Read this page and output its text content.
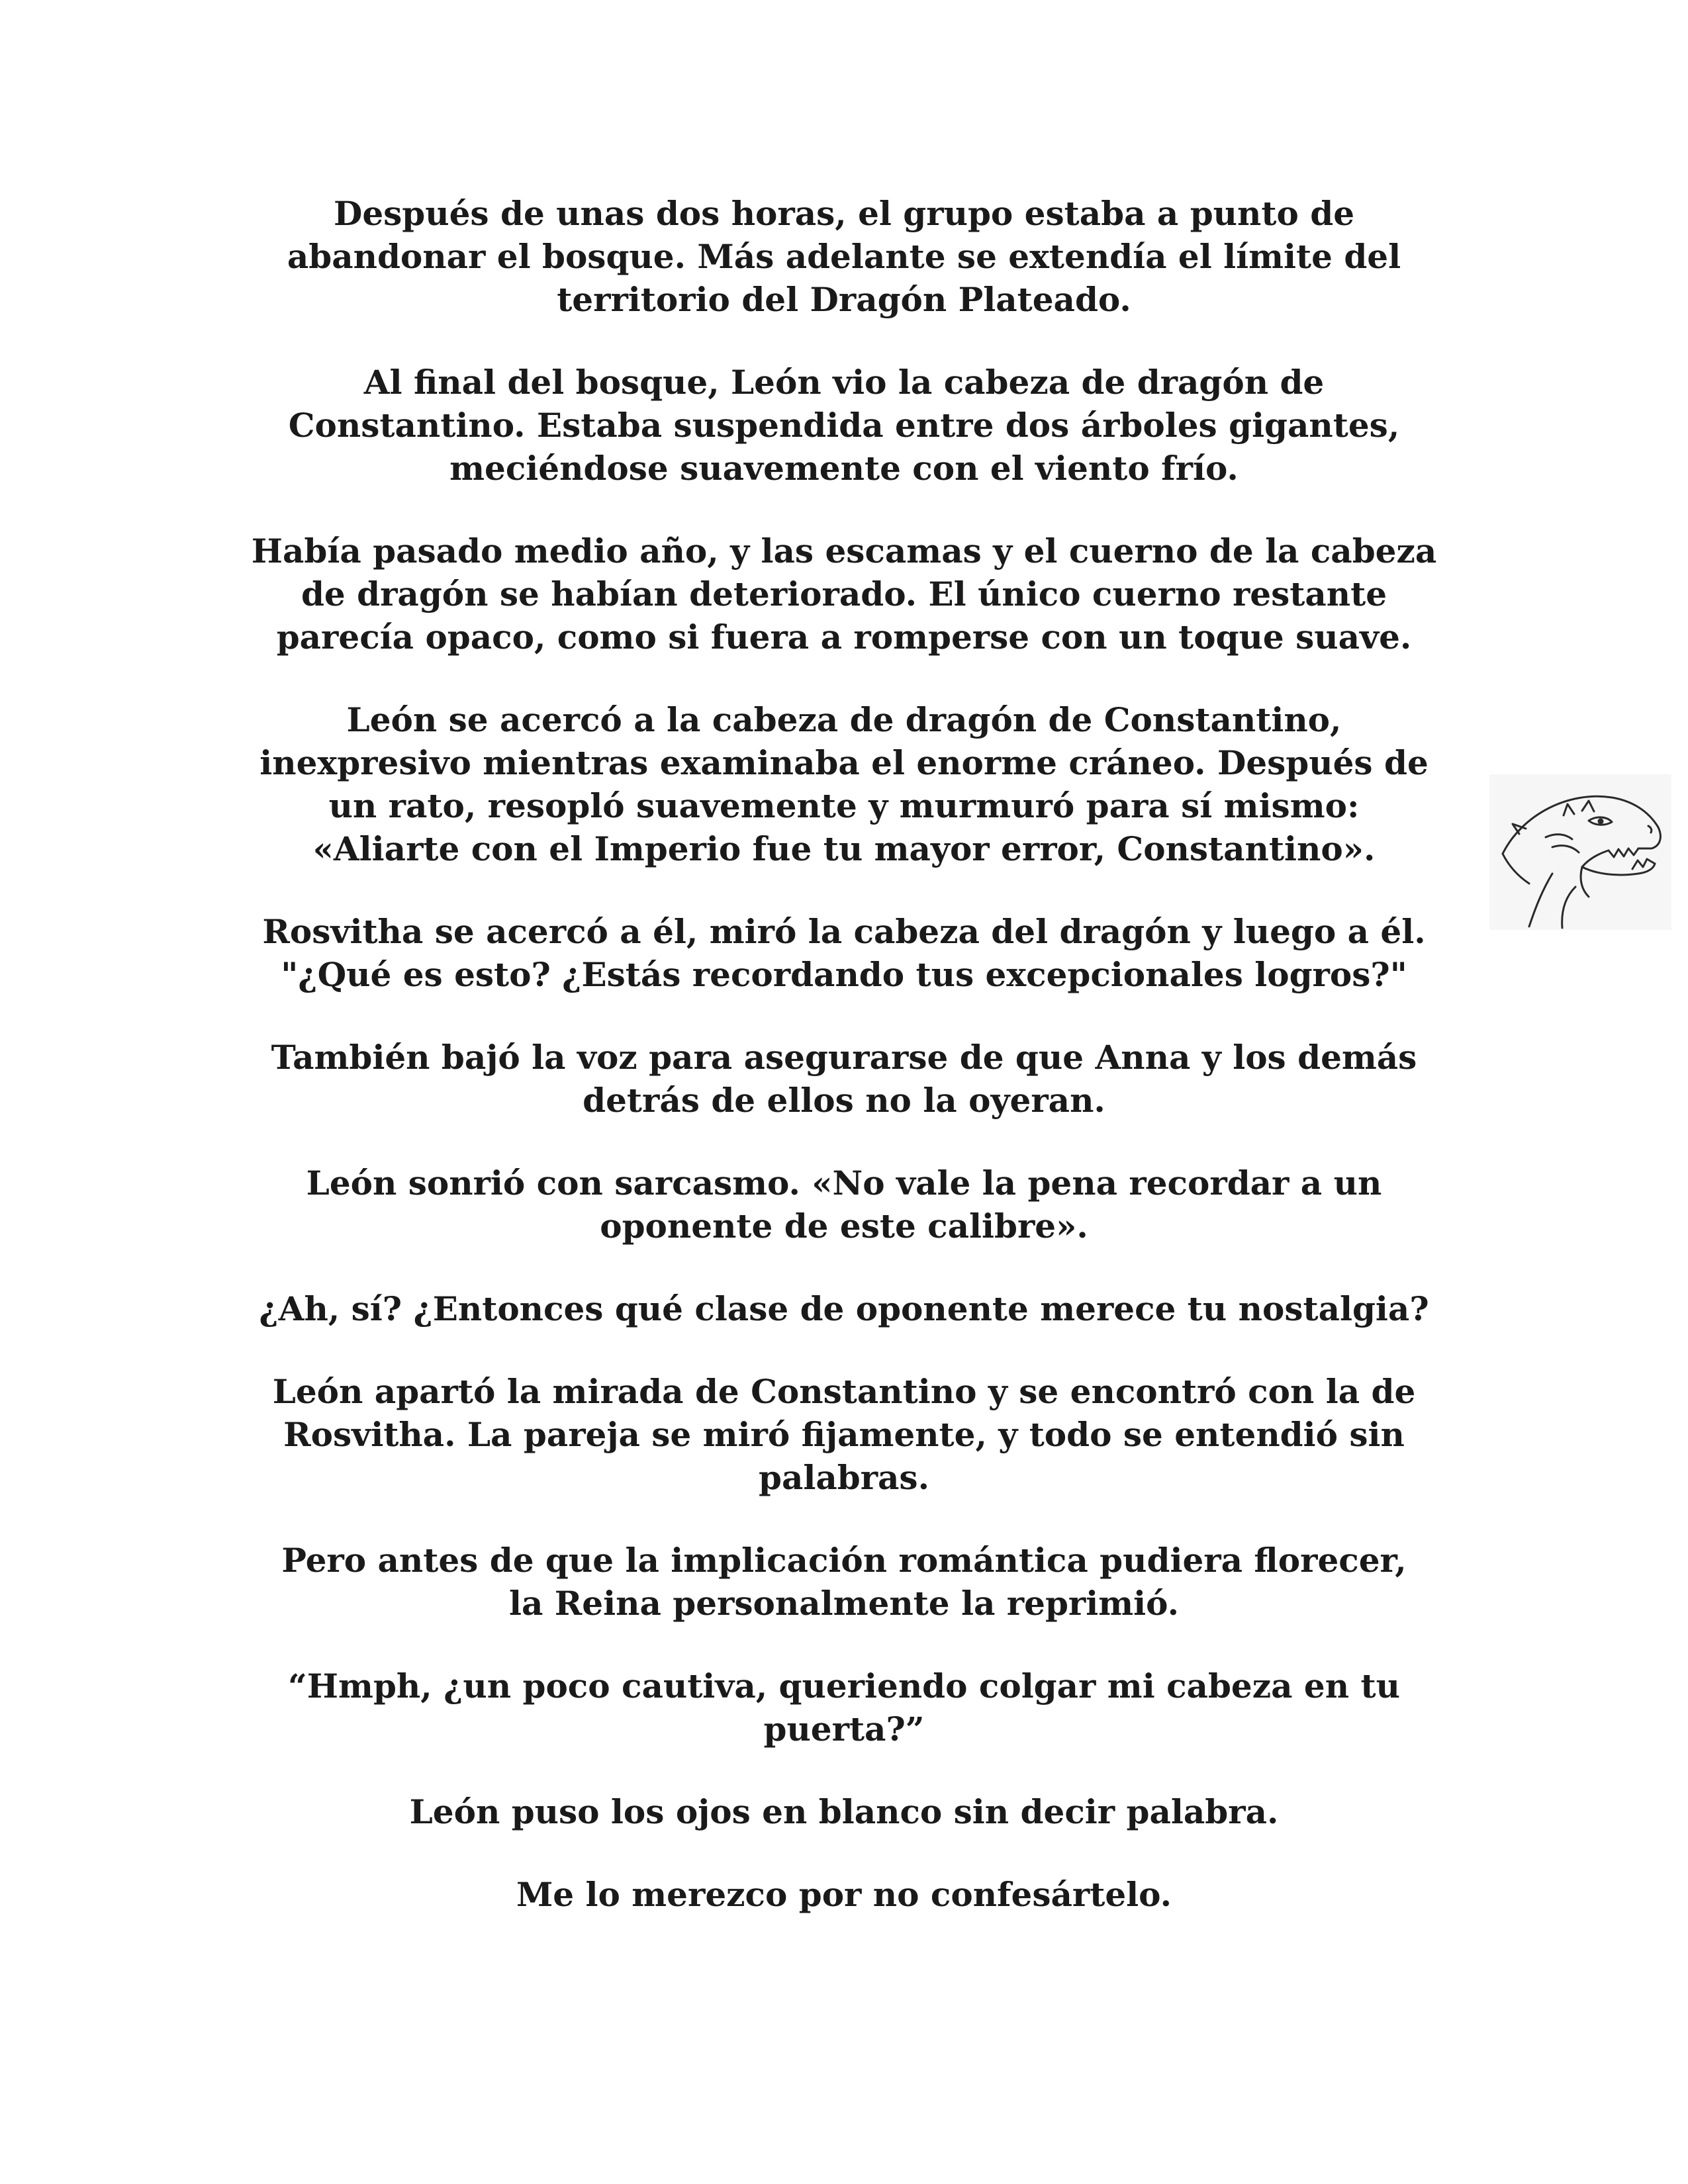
Después de unas dos horas, el grupo estaba a punto de
abandonar el bosque. Más adelante se extendía el límite del
territorio del Dragón Plateado.

Al final del bosque, León vio la cabeza de dragón de
Constantino. Estaba suspendida entre dos árboles gigantes,
meciéndose suavemente con el viento frío.

Había pasado medio año, y las escamas y el cuerno de la cabeza
de dragón se habían deteriorado. El único cuerno restante
parecía opaco, como si fuera a romperse con un toque suave.

León se acercó a la cabeza de dragón de Constantino,
inexpresivo mientras examinaba el enorme cráneo. Después de
un rato, resopló suavemente y murmuró para sí mismo:
«Aliarte con el Imperio fue tu mayor error, Constantino».

Rosvitha se acercó a él, miró la cabeza del dragón y luego a él.
"¿Qué es esto? ¿Estás recordando tus excepcionales logros?"

También bajó la voz para asegurarse de que Anna y los demás
detrás de ellos no la oyeran.

León sonrió con sarcasmo. «No vale la pena recordar a un
oponente de este calibre».

¿Ah, sí? ¿Entonces qué clase de oponente merece tu nostalgia?

León apartó la mirada de Constantino y se encontró con la de
Rosvitha. La pareja se miró fijamente, y todo se entendió sin
palabras.

Pero antes de que la implicación romántica pudiera florecer,
la Reina personalmente la reprimió.

“Hmph, ¿un poco cautiva, queriendo colgar mi cabeza en tu
puerta?”

León puso los ojos en blanco sin decir palabra.

Me lo merezco por no confesártelo.
